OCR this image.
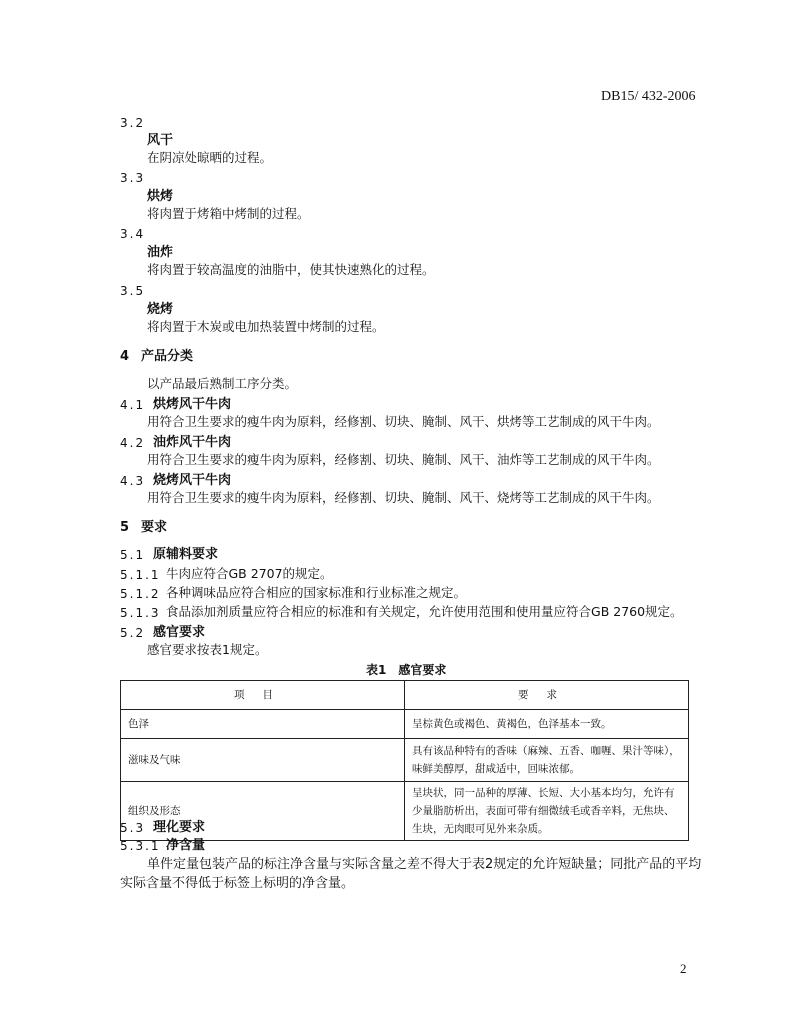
DB15/ 432-2006
3.2
风干
在阴凉处晾晒的过程。
3.3
烘烤
将肉置于烤箱中烤制的过程。
3.4
油炸
将肉置于较高温度的油脂中，使其快速熟化的过程。
3.5
烧烤
将肉置于木炭或电加热装置中烤制的过程。
4 产品分类
以产品最后熟制工序分类。
4.1 烘烤风干牛肉
用符合卫生要求的瘦牛肉为原料，经修割、切块、腌制、风干、烘烤等工艺制成的风干牛肉。
4.2 油炸风干牛肉
用符合卫生要求的瘦牛肉为原料，经修割、切块、腌制、风干、油炸等工艺制成的风干牛肉。
4.3 烧烤风干牛肉
用符合卫生要求的瘦牛肉为原料，经修割、切块、腌制、风干、烧烤等工艺制成的风干牛肉。
5 要求
5.1 原辅料要求
5.1.1 牛肉应符合GB 2707的规定。
5.1.2 各种调味品应符合相应的国家标准和行业标准之规定。
5.1.3 食品添加剂质量应符合相应的标准和有关规定，允许使用范围和使用量应符合GB 2760规定。
5.2 感官要求
感官要求按表1规定。
表1　感官要求
项目	要求
色泽	呈棕黄色或褐色、黄褐色，色泽基本一致。
滋味及气味	具有该品种特有的香味（麻辣、五香、咖喱、果汁等味），味鲜美醇厚，甜咸适中，回味浓郁。
组织及形态	呈块状，同一品种的厚薄、长短、大小基本均匀，允许有少量脂肪析出，表面可带有细微绒毛或香辛料，无焦块、生块，无肉眼可见外来杂质。
5.3 理化要求
5.3.1 净含量
单件定量包装产品的标注净含量与实际含量之差不得大于表2规定的允许短缺量；同批产品的平均
实际含量不得低于标签上标明的净含量。
2
